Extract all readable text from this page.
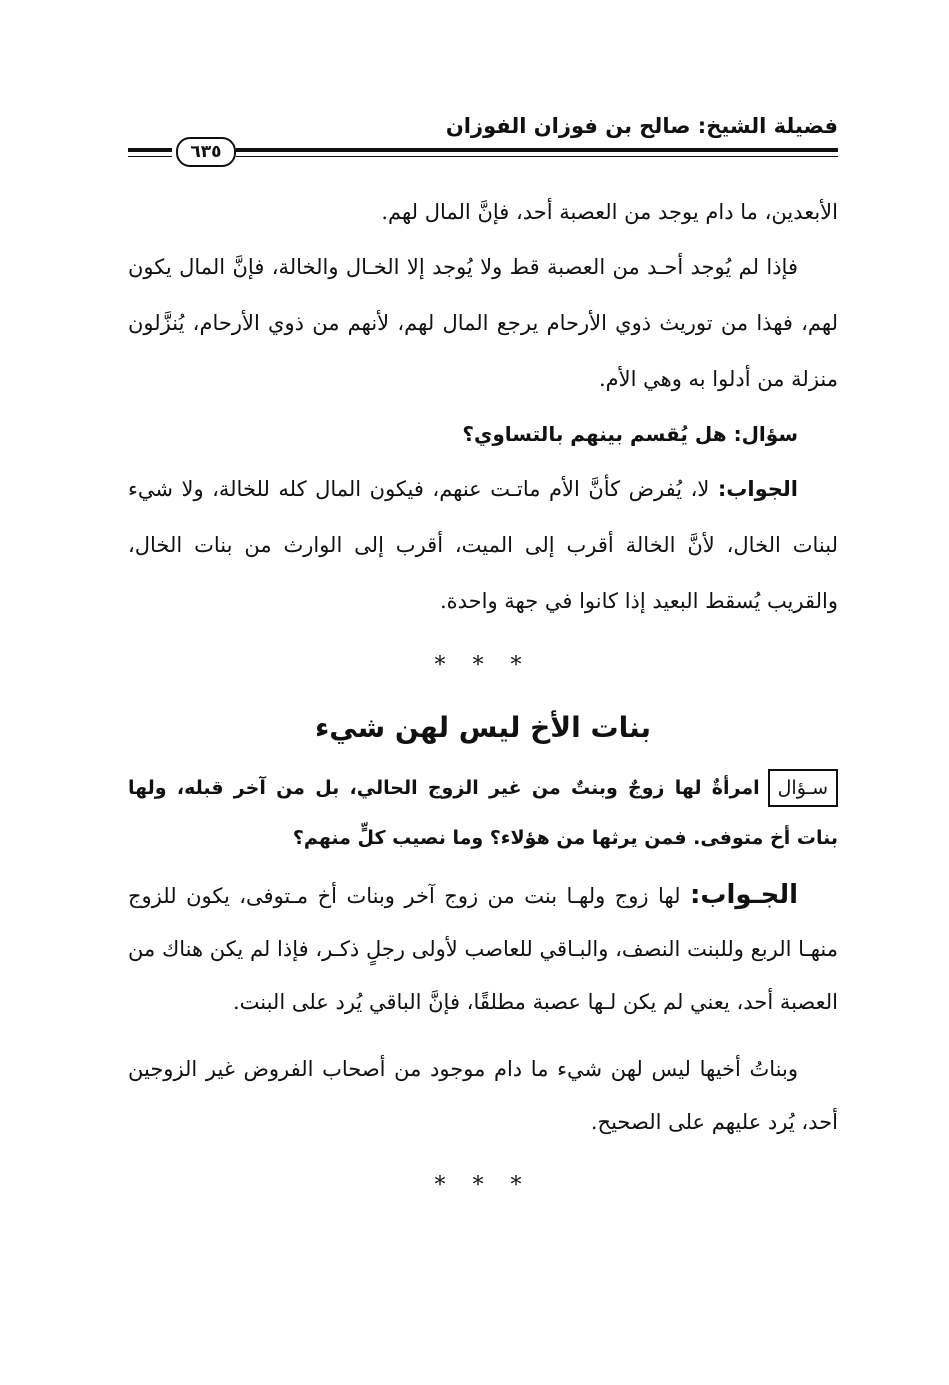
فضيلة الشيخ: صالح بن فوزان الفوزان
٦٣٥

الأبعدين، ما دام يوجد من العصبة أحد، فإنَّ المال لهم.

فإذا لم يُوجد أحـد من العصبة قط ولا يُوجد إلا الخـال والخالة، فإنَّ المال يكون لهم، فهذا من توريث ذوي الأرحام يرجع المال لهم، لأنهم من ذوي الأرحام، يُنزَّلون منزلة من أدلوا به وهي الأم.

سؤال: هل يُقسم بينهم بالتساوي؟

الجواب: لا، يُفرض كأنَّ الأم ماتـت عنهم، فيكون المال كله للخالة، ولا شيء لبنات الخال، لأنَّ الخالة أقرب إلى الميت، أقرب إلى الوارث من بنات الخال، والقريب يُسقط البعيد إذا كانوا في جهة واحدة.

* * *
بنات الأخ ليس لهن شيء
سـؤالامرأةٌ لها زوجٌ وبنتٌ من غير الزوج الحالي، بل من آخر قبله، ولها بنات أخ متوفى. فمن يرثها من هؤلاء؟ وما نصيب كلٍّ منهم؟

الجـواب: لها زوج ولهـا بنت من زوج آخر وبنات أخ مـتوفى، يكون للزوج منهـا الربع وللبنت النصف، والبـاقي للعاصب لأولى رجلٍ ذكـر، فإذا لم يكن هناك من العصبة أحد، يعني لم يكن لـها عصبة مطلقًا، فإنَّ الباقي يُرد على البنت.

وبناتُ أخيها ليس لهن شيء ما دام موجود من أصحاب الفروض غير الزوجين أحد، يُرد عليهم على الصحيح.

* * *
